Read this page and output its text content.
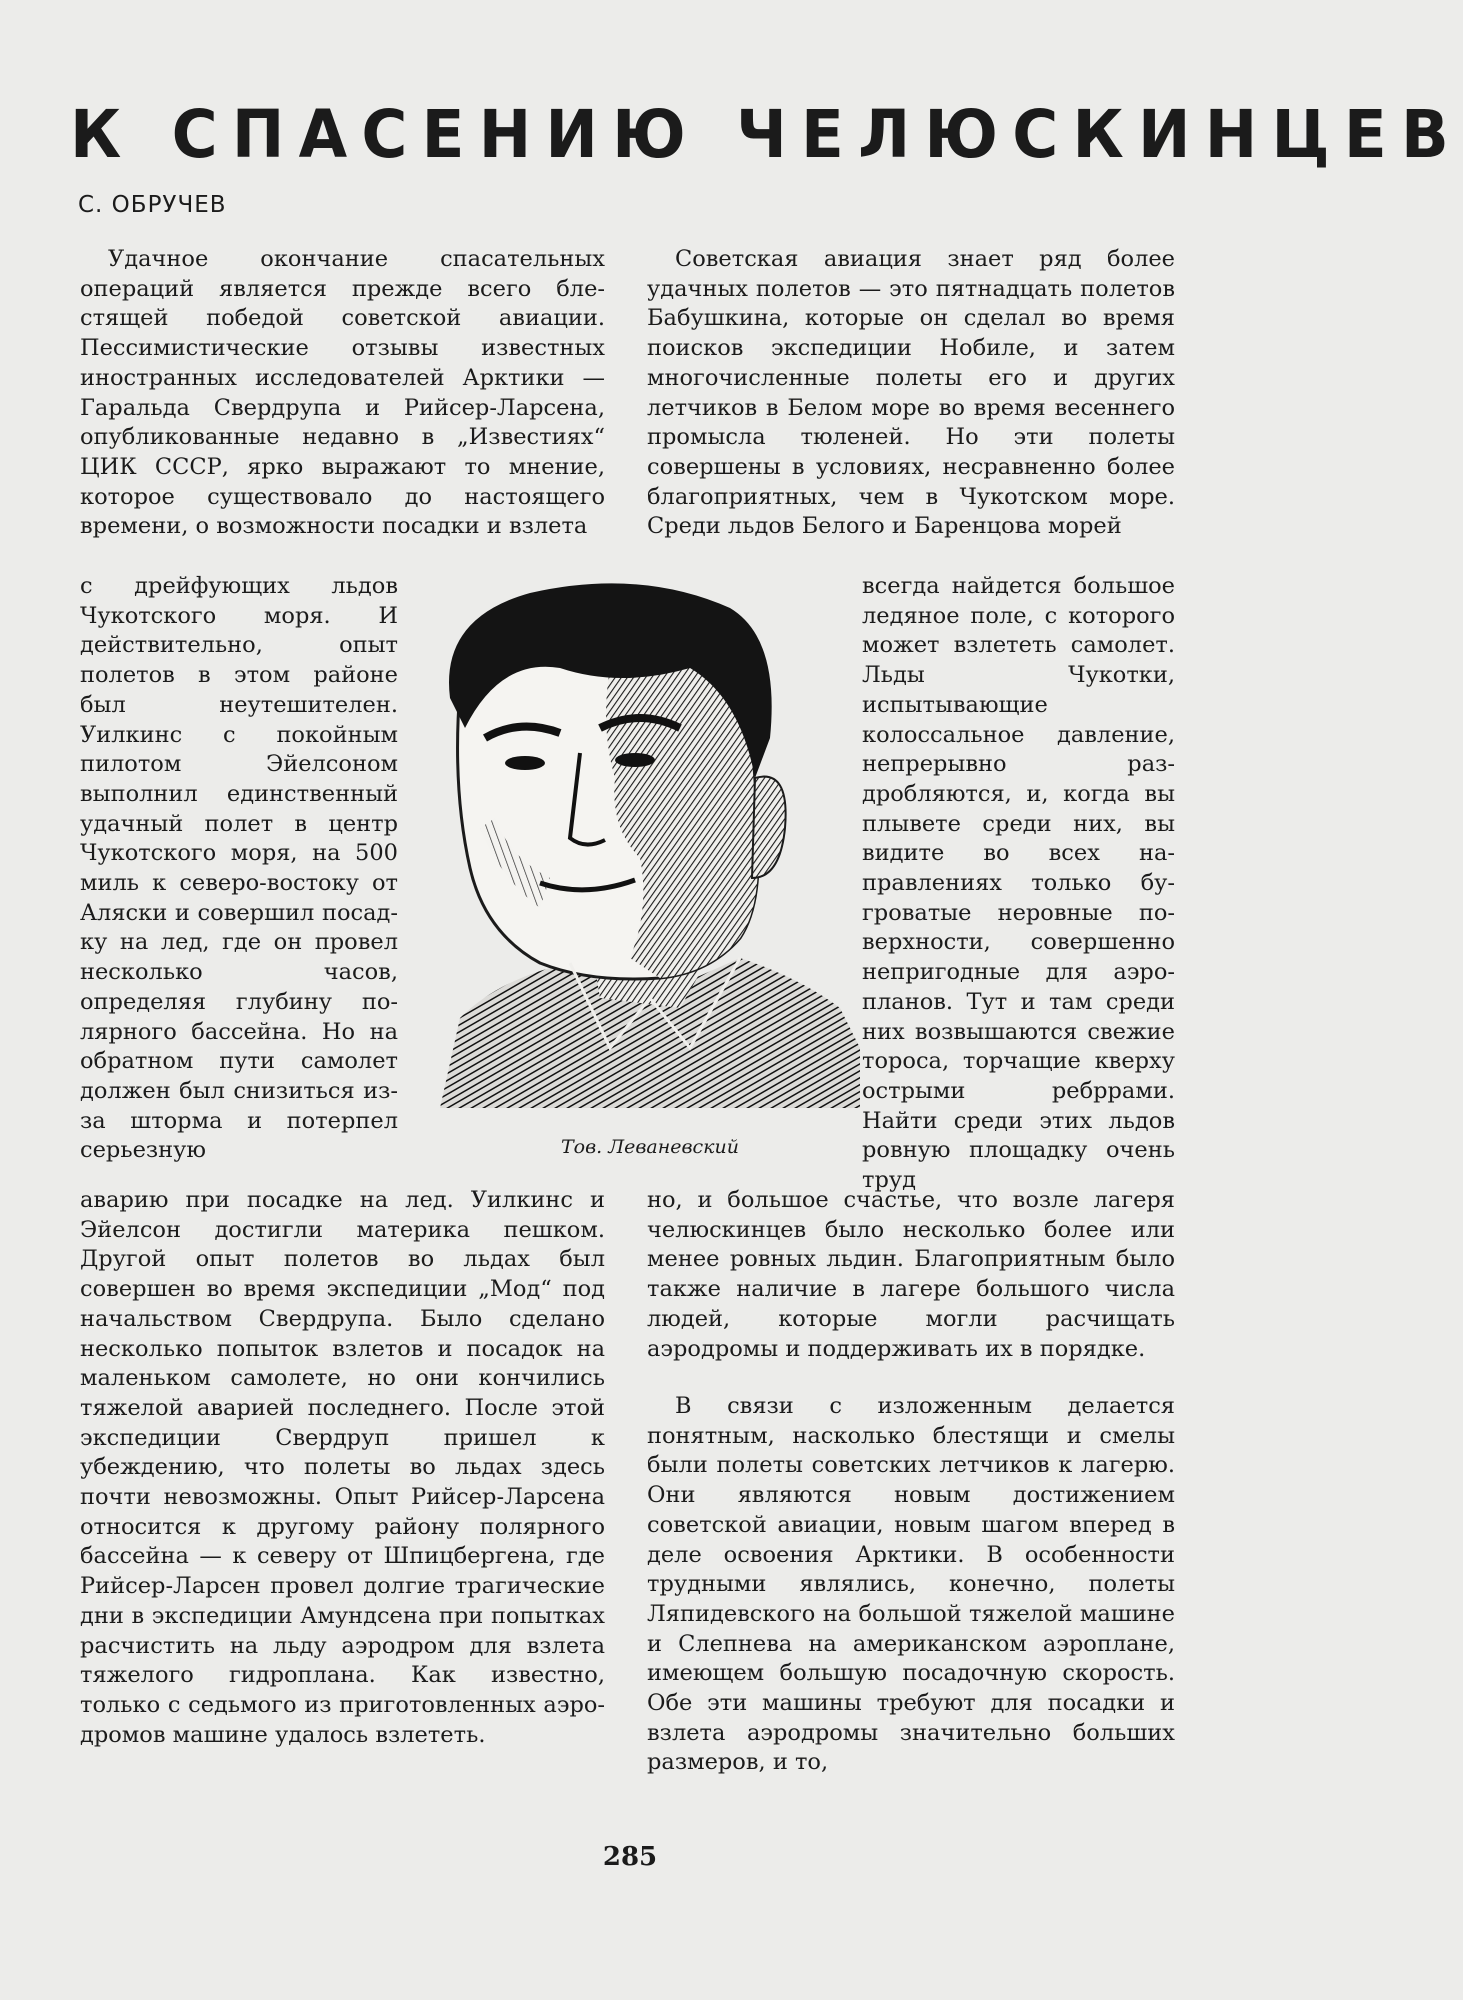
К СПАСЕНИЮ ЧЕЛЮСКИНЦЕВ
С. ОБРУЧЕВ

Удачное окончание спасательных операций является прежде всего блестящей победой советской авиации. Пессимистические отзывы известных иностранных исследователей Арктики — Гаральда Свердрупа и Рийсер-Ларсена, опубликованные недавно в „Известиях“ ЦИК СССР, ярко выражают то мнение, которое существовало до настоящего времени, о возможности посадки и взлета

с дрейфующих льдов Чукотского моря. И действительно, опыт полетов в этом районе был неутешителен. Уилкинс с покойным пилотом Эйелсоном выполнил единственный удачный полет в центр Чукотского моря, на 500 миль к северо-востоку от Аляски и совершил посадку на лед, где он провел несколько часов, определяя глубину полярного бассейна. Но на обратном пути самолет должен был снизиться из-за шторма и потерпел серьезную

аварию при посадке на лед. Уилкинс и Эйелсон достигли материка пешком. Другой опыт полетов во льдах был совершен во время экспедиции „Мод“ под начальством Свердрупа. Было сделано несколько попыток взлетов и посадок на маленьком самолете, но они кончились тяжелой аварией последнего. После этой экспедиции Свердруп пришел к убеждению, что полеты во льдах здесь почти невозможны. Опыт Рийсер-Ларсена относится к другому району полярного бассейна — к северу от Шпицбергена, где Рийсер-Ларсен провел долгие трагические дни в экспедиции Амундсена при попытках расчистить на льду аэродром для взлета тяжелого гидроплана. Как известно, только с седьмого из приготовленных аэродромов машине удалось взлететь.

Советская авиация знает ряд более удачных полетов — это пятнадцать полетов Бабушкина, которые он сделал во время поисков экспедиции Нобиле, и затем многочисленные полеты его и других летчиков в Белом море во время весеннего промысла тюленей. Но эти полеты совершены в условиях, несравненно более благоприятных, чем в Чукотском море. Среди льдов Белого и Баренцова морей

всегда найдется большое ледяное поле, с которого может взлететь самолет. Льды Чукотки, испытывающие колоссальное давление, непрерывно раздробляются, и, когда вы плывете среди них, вы видите во всех направлениях только бугроватые неровные поверхности, совершенно непригодные для аэропланов. Тут и там среди них возвышаются свежие тороса, торчащие кверху острыми ребррами. Найти среди этих льдов ровную площадку очень труд

но, и большое счастье, что возле лагеря челюскинцев было несколько более или менее ровных льдин. Благоприятным было также наличие в лагере большого числа людей, которые могли расчищать аэродромы и поддерживать их в порядке.

В связи с изложенным делается понятным, насколько блестящи и смелы были полеты советских летчиков к лагерю. Они являются новым достижением советской авиации, новым шагом вперед в деле освоения Арктики. В особенности трудными являлись, конечно, полеты Ляпидевского на большой тяжелой машине и Слепнева на американском аэроплане, имеющем большую посадочную скорость. Обе эти машины требуют для посадки и взлета аэродромы значительно больших размеров, и то,

Тов. Леваневский
285
